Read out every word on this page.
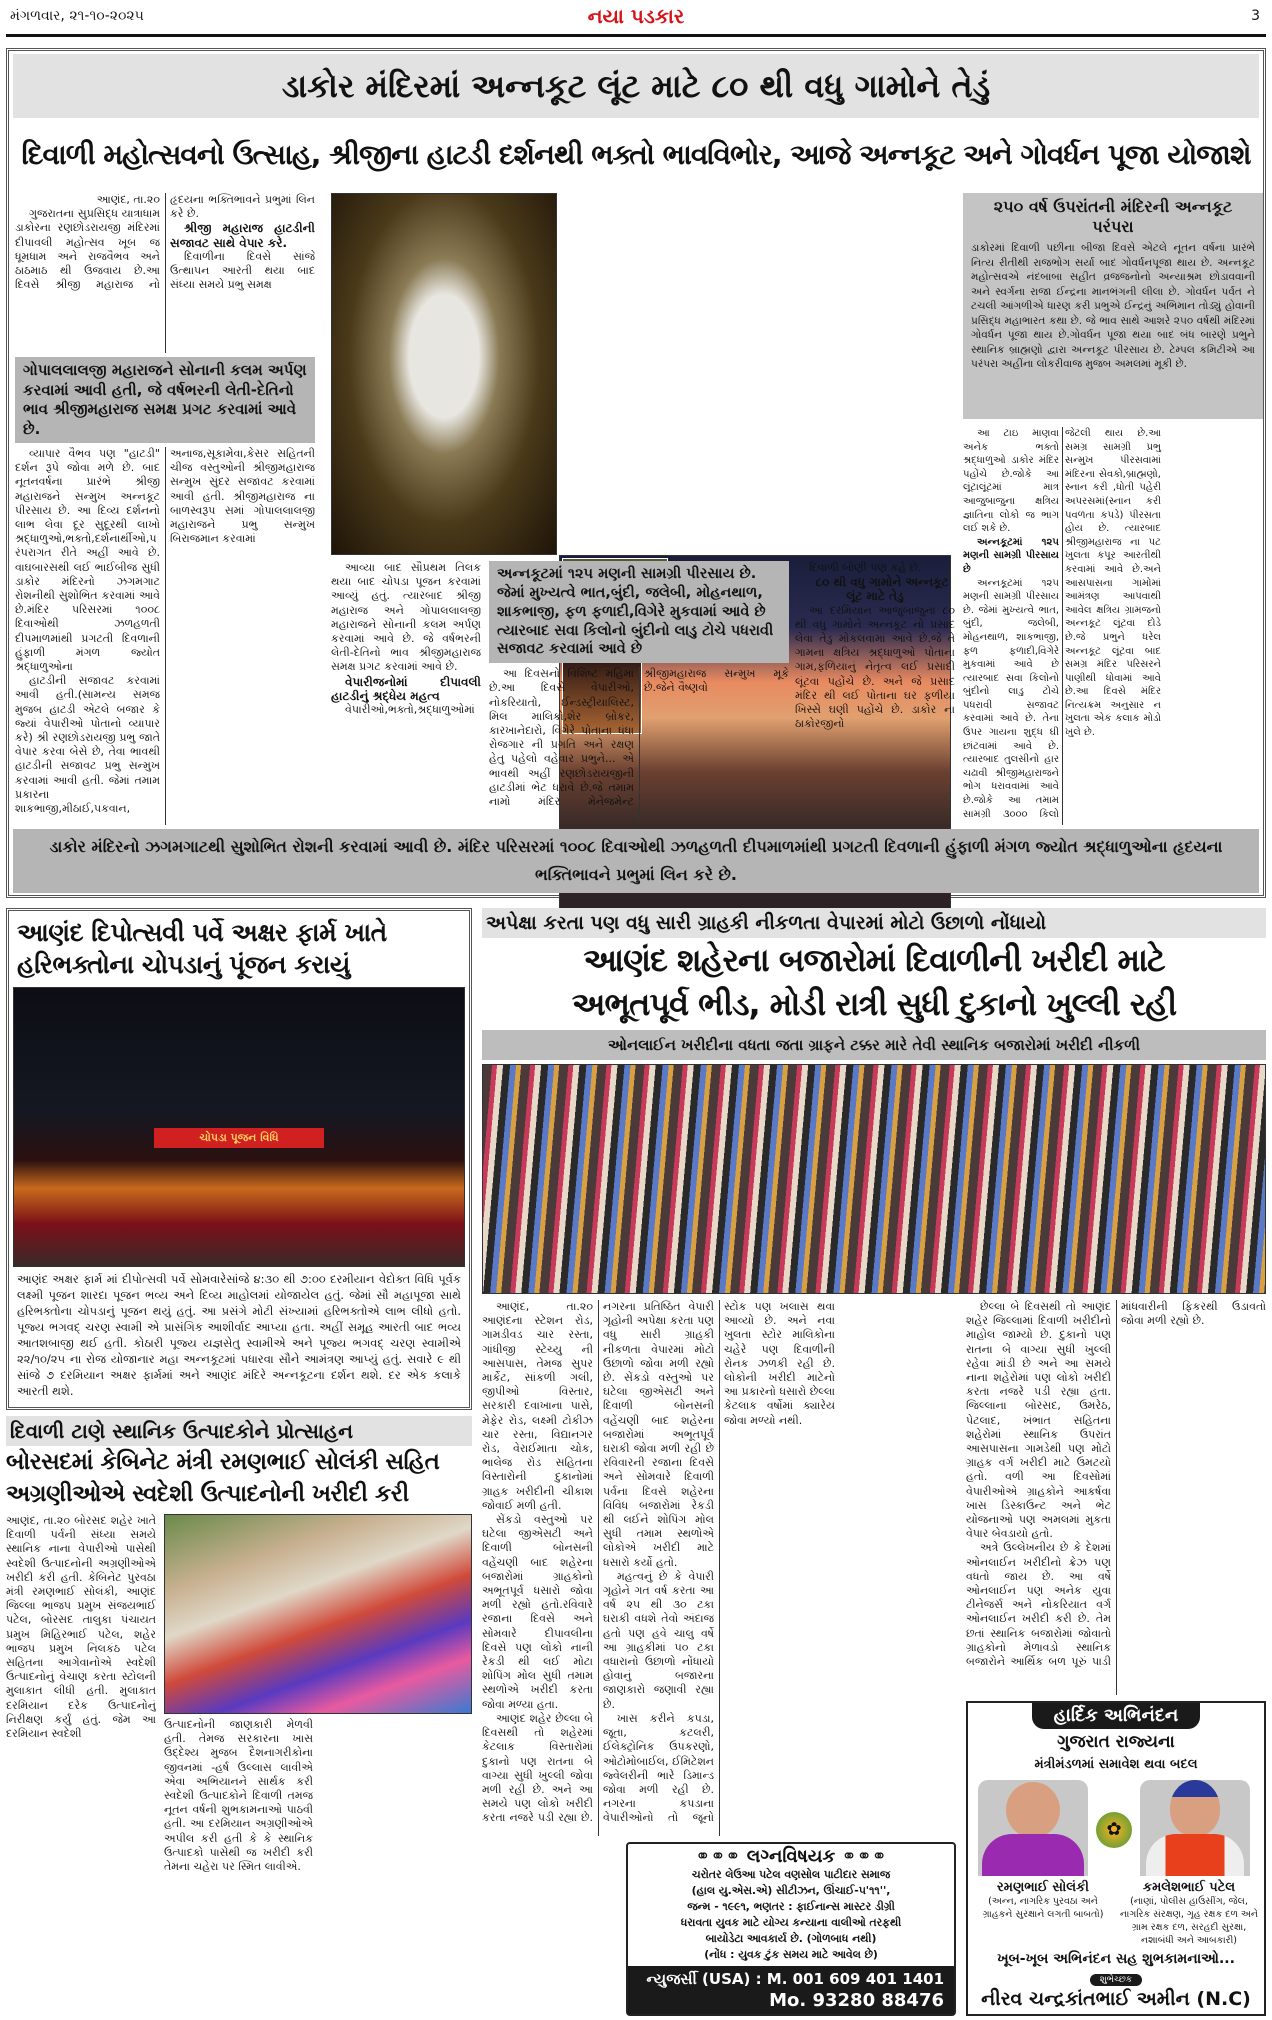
મંગળવાર, ૨૧-૧૦-૨૦૨૫	નયા પડકાર	3
ડાકોર મંદિરમાં અન્નકૂટ લૂંટ માટે ૮૦ થી વધુ ગામોને તેડું
દિવાળી મહોત્સવનો ઉત્સાહ, શ્રીજીના હાટડી દર્શનથી ભક્તો ભાવવિભોર, આજે અન્નકૂટ અને ગોવર્ધન પૂજા યોજાશે

આણંદ, તા.૨૦

ગુજરાતના સુપ્રસિદ્ધ યાત્રાધામ ડાકોરના રણછોડરાયજી મંદિરમાં દીપાવલી મહોત્સવ ખૂબ જ ધૂમધામ અને રાજવૈભવ અને ઠાઠમાઠ થી ઉજવાય છે.આ દિવસે શ્રીજી મહારાજ નો હૃદયના ભક્તિભાવને પ્રભુમાં લિન કરે છે.

શ્રીજી મહારાજ હાટડીની સજાવટ સાથે વેપાર કરે.

દિવાળીના દિવસે સાંજે ઉત્થાપન આરતી થયા બાદ સંધ્યા સમયે પ્રભુ સમક્ષ

ગોપાલલાલજી મહારાજને સોનાની કલમ અર્પણ કરવામાં આવી હતી, જે વર્ષભરની લેતી-દેતિનો ભાવ શ્રીજીમહારાજ સમક્ષ પ્રગટ કરવામાં આવે છે.

વ્યાપાર વૈભવ પણ "હાટડી" દર્શન રૂપે જોવા મળે છે. બાદ નૂતનવર્ષના પ્રારંભે શ્રીજી મહારાજને સન્મુખ અન્નકૂટ પીરસાય છે. આ દિવ્ય દર્શનનો લાભ લેવા દૂર સુદૂરથી લાખો શ્રદ્ધાળુઓ,ભક્તો,દર્શનાર્થીઓ,પરંપરાગત રીતે અહીં આવે છે. વાઘબારસથી લઈ ભાઈબીજ સુધી ડાકોર મંદિરનો ઝગમગાટ રોશનીથી સુશોભિત કરવામાં આવે છે.મંદિર પરિસરમાં ૧૦૦૮ દિવાઓથી ઝળહળતી દીપમાળમાંથી પ્રગટતી દિવળાની હુંફાળી મંગળ જ્યોત શ્રદ્ધાળુઓના

હાટડીની સજાવટ કરવામાં આવી હતી.(સામન્ય સમજ મુજબ હાટડી એટલે બજાર કે જ્યાં વેપારીઓ પોતાનો વ્યાપાર કરે) શ્રી રણછોડરાયજી પ્રભુ જાતે વેપાર કરવા બેસે છે, તેવા ભાવથી હાટડીની સજાવટ પ્રભુ સન્મુખ કરવામાં આવી હતી. જેમાં તમામ પ્રકારના શાકભાજી,મીઠાઈ,પકવાન, અનાજ,સૂકામેવા,કેસર સહિતની ચીજ વસ્તુઓની શ્રીજીમહારાજ સન્મુખ સુંદર સજાવટ કરવામાં આવી હતી. શ્રીજીમહારાજ ના બાળસ્વરૂપ સમાં ગોપાલલાલજી મહારાજને પ્રભુ સન્મુખ બિરાજમાન કરવામાં

૨૫૦ વર્ષ ઉપરાંતની મંદિરની અન્નકૂટ પરંપરા
ડાકોરમાં દિવાળી પછીના બીજા દિવસે એટલે નૂતન વર્ષના પ્રારંભે નિત્ય રીતીથી રાજભોગ સર્યા બાદ ગોવર્ધનપૂજા થાય છે. અન્નકૂટ મહોત્સવએ નંદબાબા સહીત વ્રજજનોનો અન્યાશ્રમ છોડાવવાની અને સ્વર્ગના રાજા ઈન્દ્રના માનભંગની લીલા છે. ગોવર્ધન પર્વત ને ટચલી આંગળીએ ધારણ કરી પ્રભુએ ઈન્દ્રનું અભિમાન તોડ્યું હોવાની પ્રસિદ્ધ મહાભારત કથા છે. જે ભાવ સાથે આશરે ૨૫૦ વર્ષથી મંદિરમાં ગોવર્ધન પૂજા થાય છે.ગોવર્ધન પૂજા થયા બાદ બંધ બારણે પ્રભુને સ્થાનિક બ્રાહ્મણો દ્વારા અન્નકૂટ પીરસાય છે. ટેમ્પલ કમિટીએ આ પરંપરા અહીંના લોકરીવાજ મુજબ અમલમાં મૂકી છે.

આ ટાઇ માણવા અનેક ભક્તો શ્રદ્ધાળુઓ ડાકોર મંદિર પહોંચે છે.જોકે આ લૂંટાલૂંટમાં માત્ર આજુબાજુના ક્ષત્રિય જ્ઞાતિના લોકો જ ભાગ લઈ શકે છે.

અન્નકૂટમાં ૧૨૫ મણની સામગ્રી પીરસાય છે

અન્નકૂટમાં ૧૨૫ મણની સામગ્રી પીરસાય છે. જેમાં મુખ્યત્વે ભાત, બુંદી, જલેબી, મોહનથાળ, શાકભાજી, ફળ ફળાદી,વિગેરે મુકવામાં આવે છે ત્યારબાદ સવા કિલોનો બુંદીનો લાડુ ટોચે પધરાવી સજાવટ કરવામાં આવે છે. તેના ઉપર ગાયના શુદ્ધ ઘી છાંટવામાં આવે છે. ત્યારબાદ તુલસીનો હાર ચઢાવી શ્રીજીમહારાજને ભોગ ધરાવવામાં આવે છે.જોકે આ તમામ સામગ્રી ૩૦૦૦ કિલો જેટલી થાય છે.આ સમગ્ર સામગ્રી પ્રભુ સન્મુખ પીરસવામાં મંદિરના સેવકો,બ્રાહ્મણો, સ્નાન કરી ,ધોતી પહેરી અપરસમાં(સ્નાન કરી પવળતા કપડે) પીરસતા હોય છે. ત્યારબાદ શ્રીજીમહારાજ ના પટ ખુલતા કપૂર આરતીથી કરવામાં આવે છે.અને આસપાસના ગામોમાં આમંત્રણ આપવાથી આવેલ ક્ષત્રિય ગ્રામજનો અન્નકૂટ લૂંટવા દોડે છે.જે પ્રભુને ધરેલ અન્નકૂટ લૂંટવા બાદ સમગ્ર મંદિર પરિસરને પાણીથી ધોવામાં આવે છે.આ દિવસે મંદિર નિત્યક્રમ અનુસાર ન ખુલતા એક કલાક મોડો ખુલે છે.

આવ્યા બાદ સૌપ્રથમ તિલક થયા બાદ ચોપડા પૂજન કરવામાં આવ્યું હતું. ત્યારબાદ શ્રીજી મહારાજ અને ગોપાલલાલજી મહારાજને સોનાની કલમ અર્પણ કરવામાં આવે છે. જે વર્ષભરની લેતી-દેતિનો ભાવ શ્રીજીમહારાજ સમક્ષ પ્રગટ કરવામાં આવે છે.

વેપારીજનોમાં દીપાવલી હાટડીનું શ્રદ્ધેય મહત્વ

વેપારીઓ,ભક્તો,શ્રદ્ધાળુઓમાં

અન્નકૂટમાં ૧૨૫ મણની સામગ્રી પીરસાય છે. જેમાં મુખ્યત્વે ભાત,બુંદી, જલેબી, મોહનથાળ, શાકભાજી, ફળ ફળાદી,વિગેરે મુકવામાં આવે છે ત્યારબાદ સવા કિલોનો બુંદીનો લાડુ ટોચે પધરાવી સજાવટ કરવામાં આવે છે

આ દિવસનો વિશિષ્ટ મહિમા છે.આ દિવસે વેપારીઓ, નોકરિયાતો, ઈન્ડસ્ટ્રીયાલિસ્ટ, મિલ માલિકો,શેર બ્રોકર, કારખાનેદારો, વિગેરે પોતાના ધંધા રોજગાર ની પ્રગતિ અને રક્ષણ હેતુ પહેલો વહેવાર પ્રભુને... એ ભાવથી અહીં રણછોડરાયજીની હાટડીમાં ભેટ ધરાવે છે.જે તમામ નામો મંદિર મેનેજમેન્ટ શ્રીજીમહારાજ સન્મુખ મૂકે છે.જેને વૈષ્ણવો

દિવાળી બોણી પણ કહે છે.

૮૦ થી વધુ ગામોને અન્નકૂટ લૂંટ માટે તેડુ

આ દરમિયાન આજુબાજુના ૮૦ થી વધુ ગામોને અન્નકૂટ નો પ્રસાદ લેવા તેડુ મોકલવામાં આવે છે.જે તે ગામના ક્ષત્રિય શ્રદ્ધાળુઓ પોતાના ગામ,ફળિયાનું નેતૃત્વ લઈ પ્રસાદી લૂંટવા પહોંચે છે. અને જે પ્રસાદ મંદિર થી લઈ પોતાના ઘર ફળીયા ખિસ્સે ઘણી પહોંચે છે. ડાકોર ના ઠાકોરજીનો

ડાકોર મંદિરનો ઝગમગાટથી સુશોભિત રોશની કરવામાં આવી છે. મંદિર પરિસરમાં ૧૦૦૮ દિવાઓથી ઝળહળતી દીપમાળમાંથી પ્રગટતી દિવળાની હુંફાળી મંગળ જ્યોત શ્રદ્ધાળુઓના હૃદયના ભક્તિભાવને પ્રભુમાં લિન કરે છે.
આણંદ દિપોત્સવી પર્વે અક્ષર ફાર્મ ખાતે
હરિભક્તોના ચોપડાનું પૂંજન કરાયું
ચોપડા પૂજન વિધિ
આણંદ અક્ષર ફાર્મ માં દીપોત્સવી પર્વે સોમવારેસાંજે ૪:૩૦ થી ૭:૦૦ દરમીયાન વેદોક્ત વિધિ પૂર્વક લક્ષ્મી પૂજન શારદા પૂજન ભવ્ય અને દિવ્ય માહોલમાં યોજાયેલ હતું. જેમાં સૌ મહાપૂજા સાથે હરિભક્તોના ચોપડાનું પૂજન થયું હતું. આ પ્રસંગે મોટી સંખ્યામાં હરિભક્તોએ લાભ લીધો હતો. પૂજ્ય ભગવદ્ ચરણ સ્વામી એ પ્રાસંગિક આશીર્વાદ આપ્યા હતા. અહીં સમૂહ આરતી બાદ ભવ્ય આતશબાજી થઈ હતી. કોઠારી પૂજ્ય યજ્ઞસેતુ સ્વામીએ અને પૂજ્ય ભગવદ્ ચરણ સ્વામીએ ૨૨/૧૦/૨૫ ના રોજ યોજાનાર મહા અન્નકૂટમાં પધારવા સૌને આમંત્રણ આપ્યું હતું. સવારે ૯ થી સાંજે ૭ દરમિયાન અક્ષર ફાર્મમાં અને આણંદ મંદિરે અન્નકૂટના દર્શન થશે. દર એક કલાકે આરતી થશે.
દિવાળી ટાણે સ્થાનિક ઉત્પાદકોને પ્રોત્સાહન
બોરસદમાં કેબિનેટ મંત્રી રમણભાઈ સોલંકી સહિત
અગ્રણીઓએ સ્વદેશી ઉત્પાદનોની ખરીદી કરી
આણંદ, તા.૨૦ બોરસદ શહેર ખાતે દિવાળી પર્વની સંધ્યા સમયે સ્થાનિક નાના વેપારીઓ પાસેથી સ્વદેશી ઉત્પાદનોની અગ્રણીઓએ ખરીદી કરી હતી. કેબિનેટ પુરવઠા મંત્રી રમણભાઈ સોલંકી, આણંદ જિલ્લા ભાજપ પ્રમુખ સંજયભાઈ પટેલ, બોરસદ તાલુકા પંચાયત પ્રમુખ મિહિરભાઈ પટેલ, શહેર ભાજપ પ્રમુખ નિલકંઠ પટેલ સહિતના આગેવાનોએ સ્વદેશી ઉત્પાદનોનું વેચાણ કરતા સ્ટોલની મુલાકાત લીધી હતી. મુલાકાત દરમિયાન દરેક ઉત્પાદનોનું નિરીક્ષણ કર્યું હતું. જેમ આ દરમિયાન સ્વદેશી
ઉત્પાદનોની જાણકારી મેળવી હતી. તેમજ સરકારના ખાસ ઉદ્દેશ્ય મુજબ દૈશનાગરીકોના જીવનમાં -હર્ષ ઉલ્લાસ લાવીએ એવા અભિયાનને સાર્થક કરી સ્વદેશી ઉત્પાદકોને દિવાળી તમજ નૂતન વર્ષની શુભકામનાઓ પાઠવી હતી. આ દરમિયાન અગ્રણીઓએ અપીલ કરી હતી કે કે સ્થાનિક ઉત્પાદકો પાસેથી જ ખરીદી કરી તેમના ચહેરા પર સ્મિત લાવીએ.
અપેક્ષા કરતા પણ વધુ સારી ગ્રાહકી નીકળતા વેપારમાં મોટો ઉછાળો નોંધાયો
આણંદ શહેરના બજારોમાં દિવાળીની ખરીદી માટે
અભૂતપૂર્વ ભીડ, મોડી રાત્રી સુધી દુકાનો ખુલ્લી રહી
ઓનલાઈન ખરીદીના વધતા જતા ગ્રાફને ટક્કર મારે તેવી સ્થાનિક બજારોમાં ખરીદી નીકળી

આણંદ, તા.૨૦ આણંદના સ્ટેશન રોડ, ગામડીવડ ચાર રસ્તા, ગાંધીજી સ્ટેચ્યુ ની આસપાસ, તેમજ સુપર માર્કેટ, સાંકળી ગલી, જીપીઓ વિસ્તાર, સરકારી દવાખાના પાસે, મેફેર રોડ, લક્ષ્મી ટોકીઝ ચાર રસ્તા, વિદ્યાનગર રોડ, વેરાઈમાતા ચોક, ભાલેજ રોડ સહિતના વિસ્તારોની દુકાનોમાં ગ્રાહક ખરીદીની ચીકાશ જોવાઈ મળી હતી.

સેંકડો વસ્તુઓ પર ઘટેલા જીએસટી અને દિવાળી બોનસની વહેંચણી બાદ શહેરના બજારોમાં ગ્રાહકોનો અભૂતપૂર્વ ધસારો જોવા મળી રહ્યો હતો.રવિવારે રજાના દિવસે અને સોમવારે દીપાવલીના દિવસે પણ લોકો નાની રેકડી થી લઈ મોટા શોપિંગ મોલ સુધી તમામ સ્થળોએ ખરીદી કરતા જોવા મળ્યા હતા.

આણંદ શહેર છેલ્લા બે દિવસથી તો શહેરમાં કેટલાક વિસ્તારોમાં દુકાનો પણ રાતના બે વાગ્યા સુધી ખુલ્લી જોવા મળી રહી છે. અને આ સમયે પણ લોકો ખરીદી કરતા નજરે પડી રહ્યા છે. નગરના પ્રતિષ્ઠિત વેપારી ગૃહોની અપેક્ષા કરતા પણ વધુ સારી ગ્રાહકી નીકળતા વેપારમાં મોટો ઉછાળો જોવા મળી રહ્યો છે. સેંકડો વસ્તુઓ પર ઘટેલા જીએસટી અને દિવાળી બોનસની વહેંચણી બાદ શહેરના બજારોમાં અભૂતપૂર્વ ઘરાકી જોવા મળી રહી છે રવિવારની રજાના દિવસે અને સોમવારે દિવાળી પર્વના દિવસે શહેરના વિવિધ બજારોમાં રેકડી થી લઈને શોપિંગ મોલ સુધી તમામ સ્થળોએ લોકોએ ખરીદી માટે ધસારો કર્યો હતો.

મહત્વનું છે કે વેપારી ગૃહોને ગત વર્ષ કરતા આ વર્ષ ૨૫ થી ૩૦ ટકા ઘરાકી વધશે તેવો અંદાજ હતો પણ હવે ચાલુ વર્ષે આ ગ્રાહકીમાં ૫૦ ટકા વધારાનો ઉછાળો નોંધાયો હોવાનું બજારના જાણકારો જણાવી રહ્યા છે.

ખાસ કરીને કપડા, જૂતા, કટલરી, ઈલેક્ટ્રોનિક ઉપકરણો, ઓટોમોબાઈલ, ઈમિટેશન જ્વેલરીની ભારે ડિમાન્ડ જોવા મળી રહી છે. નગરના કપડાના વેપારીઓનો તો જૂનો સ્ટોક પણ ખલાસ થવા આવ્યો છે. અને નવા ખુલતા સ્ટોર માલિકોના ચહેરે પણ દિવાળીની રોનક ઝળકી રહી છે. લોકોની ખરીદી માટેનો આ પ્રકારનો ધસારો છેલ્લા કેટલાક વર્ષોમાં ક્યારેય જોવા મળ્યો નથી.

⚭⚭⚭ લગ્નવિષયક ⚭⚭⚭
ચરોતર લેઉઆ પટેલ વણસોલ પાટીદાર સમાજ
(હાલ યુ.એસ.એ) સીટીઝન, ઊંચાઈ-૫'૧૧'',
જન્મ - ૧૯૯૧, ભણતર : ફાઈનાન્સ માસ્ટર ડીગ્રી
ધરાવતા યુવક માટે યોગ્ય કન્યાના વાલીઓ તરફથી
બાયોડેટા આવકાર્ય છે. (ગોળબાધ નથી)
(નોંધ : યુવક ટુંક સમય માટે આવેલ છે)
ન્યુજર્સી (USA) : M. 001 609 401 1401
Mo. 93280 88476

છેલ્લા બે દિવસથી તો આણંદ શહેર જિલ્લામાં દિવાળી ખરીદીનો માહોલ જામ્યો છે. દુકાનો પણ રાતના બે વાગ્યા સુધી ખુલ્લી રહેવા માંડી છે અને આ સમયે નાના શહેરોમાં પણ લોકો ખરીદી કરતા નજરે પડી રહ્યા હતા. જિલ્લાના બોરસદ, ઉમરેઠ, પેટલાદ, ખંભાત સહિતના શહેરોમાં સ્થાનિક ઉપરાંત આસપાસના ગામડેથી પણ મોટો ગ્રાહક વર્ગ ખરીદી માટે ઉમટયો હતો. વળી આ દિવસોમાં વેપારીઓએ ગ્રાહકોને આકર્ષવા ખાસ ડિસ્કાઉન્ટ અને ભેટ યોજનાઓ પણ અમલમાં મુકતા વેપાર બેવડાયો હતો.

અત્રે ઉલ્લેખનીય છે કે દેશમાં ઓનલાઈન ખરીદીનો ક્રેઝ પણ વધતો જાય છે. આ વર્ષે ઓનલાઈન પણ અનેક યુવા ટીનેજર્સ અને નોકરિયાત વર્ગ ઓનલાઈન ખરીદી કરી છે. તેમ છતાં સ્થાનિક બજારોમાં જોવાતો ગ્રાહકોનો મેળાવડો સ્થાનિક બજારોને આર્થિક બળ પૂરું પાડી માંધવારીની ફિકરથી ઉડાવતો જોવા મળી રહ્યો છે.

હાર્દિક અભિનંદન
ગુજરાત રાજ્યના
મંત્રીમંડળમાં સમાવેશ થવા બદલ
✿
રમણભાઈ સોલંકી
(અન્ન, નાગરિક પુરવઠા અને ગ્રાહકને સુરક્ષાને લગતી બાબતો)
કમલેશભાઈ પટેલ
(નાણાં, પોલીસ હાઉસીંગ, જેલ, નાગરિક સંરક્ષણ, ગૃહ રક્ષક દળ અને ગ્રામ રક્ષક દળ, સરહદી સુરક્ષા, નશાબંધી અને આબકારી)
ખૂબ-ખૂબ અભિનંદન સહ શુભકામનાઓ...
શુભેચ્છક
નીરવ ચન્દ્રકાંતભાઈ અમીન (N.C)
